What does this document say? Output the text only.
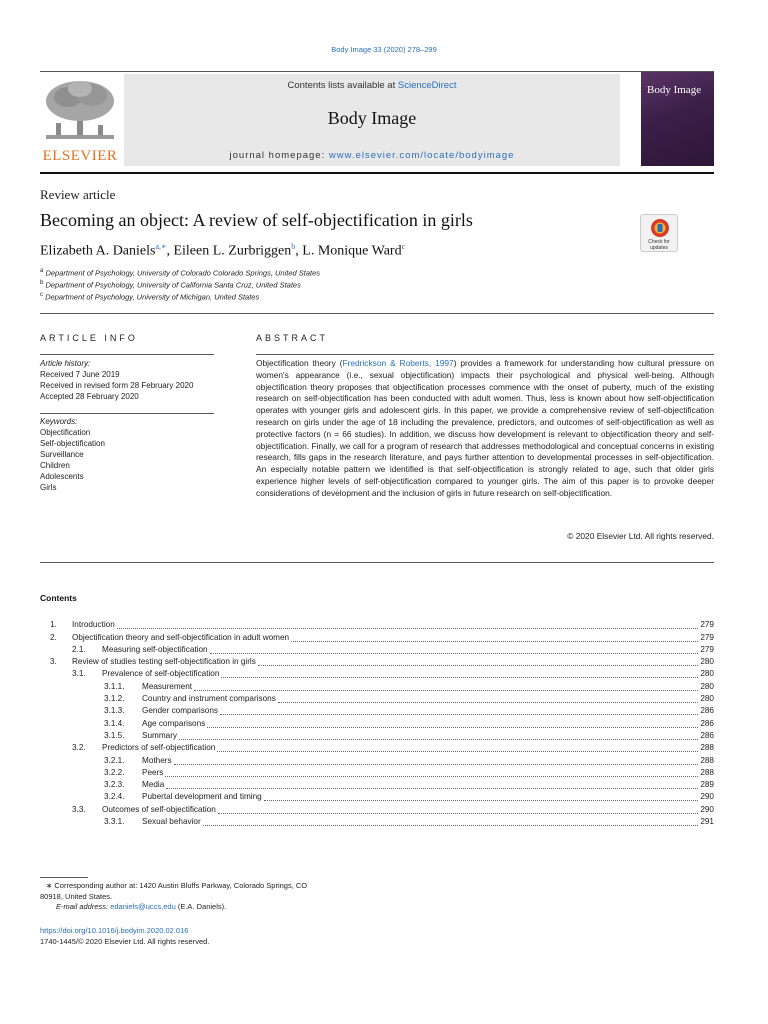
Body Image 33 (2020) 278–299
ELSEVIER
Contents lists available at ScienceDirect
Body Image
journal homepage: www.elsevier.com/locate/bodyimage
Body Image
Review article
Becoming an object: A review of self-objectification in girls
Check for updates
Elizabeth A. Daniels$^{a,∗}$, Eileen L. Zurbriggen$^b$, L. Monique Ward$^c$
$^a$ Department of Psychology, University of Colorado Colorado Springs, United States
$^b$ Department of Psychology, University of California Santa Cruz, United States
$^c$ Department of Psychology, University of Michigan, United States
ARTICLE INFO
Article history:
Received 7 June 2019
Received in revised form 28 February 2020
Accepted 28 February 2020
Keywords:
Objectification
Self-objectification
Surveillance
Children
Adolescents
Girls
ABSTRACT
Objectification theory (Fredrickson & Roberts, 1997) provides a framework for understanding how cultural pressure on women's appearance (i.e., sexual objectification) impacts their psychological and physical well-being. Although objectification theory proposes that objectification processes commence with the onset of puberty, much of the existing research on self-objectification has been conducted with adult women. Thus, less is known about how self-objectification operates with younger girls and adolescent girls. In this paper, we provide a comprehensive review of self-objectification research on girls under the age of 18 including the prevalence, predictors, and outcomes of self-objectification as well as protective factors (n = 66 studies). In addition, we discuss how development is relevant to objectification theory and self-objectification. Finally, we call for a program of research that addresses methodological and conceptual concerns in existing research, fills gaps in the research literature, and pays further attention to developmental processes in self-objectification. An especially notable pattern we identified is that self-objectification is strongly related to age, such that older girls experience higher levels of self-objectification compared to younger girls. The aim of this paper is to provoke deeper considerations of development and the inclusion of girls in future research on self-objectification.
© 2020 Elsevier Ltd. All rights reserved.
Contents
1.	Introduction	279
2.	Objectification theory and self-objectification in adult women	279
2.1.	Measuring self-objectification	279
3.	Review of studies testing self-objectification in girls	280
3.1.	Prevalence of self-objectification	280
3.1.1.	Measurement	280
3.1.2.	Country and instrument comparisons	280
3.1.3.	Gender comparisons	286
3.1.4.	Age comparisons	286
3.1.5.	Summary	286
3.2.	Predictors of self-objectification	288
3.2.1.	Mothers	288
3.2.2.	Peers	288
3.2.3.	Media	289
3.2.4.	Pubertal development and timing	290
3.3.	Outcomes of self-objectification	290
3.3.1.	Sexual behavior	291
∗ Corresponding author at: 1420 Austin Bluffs Parkway, Colorado Springs, CO
80918, United States.
E-mail address: edaniels@uccs.edu (E.A. Daniels).
https://doi.org/10.1016/j.bodyim.2020.02.016
1740-1445/© 2020 Elsevier Ltd. All rights reserved.
